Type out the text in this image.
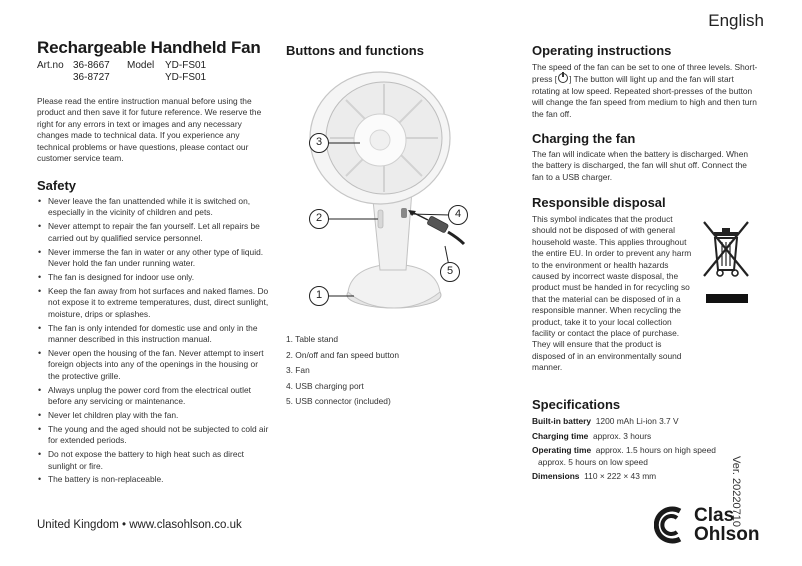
English
Rechargeable Handheld Fan
Art.no 36-8667	Model	YD-FS01
36-8727	YD-FS01
Please read the entire instruction manual before using the product and then save it for future reference. We reserve the right for any errors in text or images and any necessary changes made to technical data. If you experience any technical problems or have questions, please contact our customer service team.
Safety
• Never leave the fan unattended while it is switched on, especially in the vicinity of children and pets.
• Never attempt to repair the fan yourself. Let all repairs be carried out by qualified service personnel.
• Never immerse the fan in water or any other type of liquid. Never hold the fan under running water.
• The fan is designed for indoor use only.
• Keep the fan away from hot surfaces and naked flames. Do not expose it to extreme temperatures, dust, direct sunlight, moisture, drips or splashes.
• The fan is only intended for domestic use and only in the manner described in this instruction manual.
• Never open the housing of the fan. Never attempt to insert foreign objects into any of the openings in the housing or the protective grille.
• Always unplug the power cord from the electrical outlet before any servicing or maintenance.
• Never let children play with the fan.
• The young and the aged should not be subjected to cold air for extended periods.
• Do not expose the battery to high heat such as direct sunlight or fire.
• The battery is non-replaceable.
United Kingdom • www.clasohlson.co.uk
Buttons and functions
3
2
1
4
5
1. Table stand
2. On/off and fan speed button
3. Fan
4. USB charging port
5. USB connector (included)
Operating instructions
The speed of the fan can be set to one of three levels. Short-press [ ] The button will light up and the fan will start rotating at low speed. Repeated short-presses of the button will change the fan speed from medium to high and then turn the fan off.
Charging the fan
The fan will indicate when the battery is discharged. When the battery is discharged, the fan will shut off. Connect the fan to a USB charger.
Responsible disposal
This symbol indicates that the product should not be disposed of with general household waste. This applies throughout the entire EU. In order to prevent any harm to the environment or health hazards caused by incorrect waste disposal, the product must be handed in for recycling so that the material can be disposed of in a responsible manner. When recycling the product, take it to your local collection facility or contact the place of purchase. They will ensure that the product is disposed of in an environmentally sound manner.
Specifications
Built-in battery 1200 mAh Li-ion 3.7 V
Charging time approx. 3 hours
Operating time approx. 1.5 hours on high speed
approx. 5 hours on low speed
Dimensions 110 × 222 × 43 mm	Ver. 20220710
Clas
Ohlson
